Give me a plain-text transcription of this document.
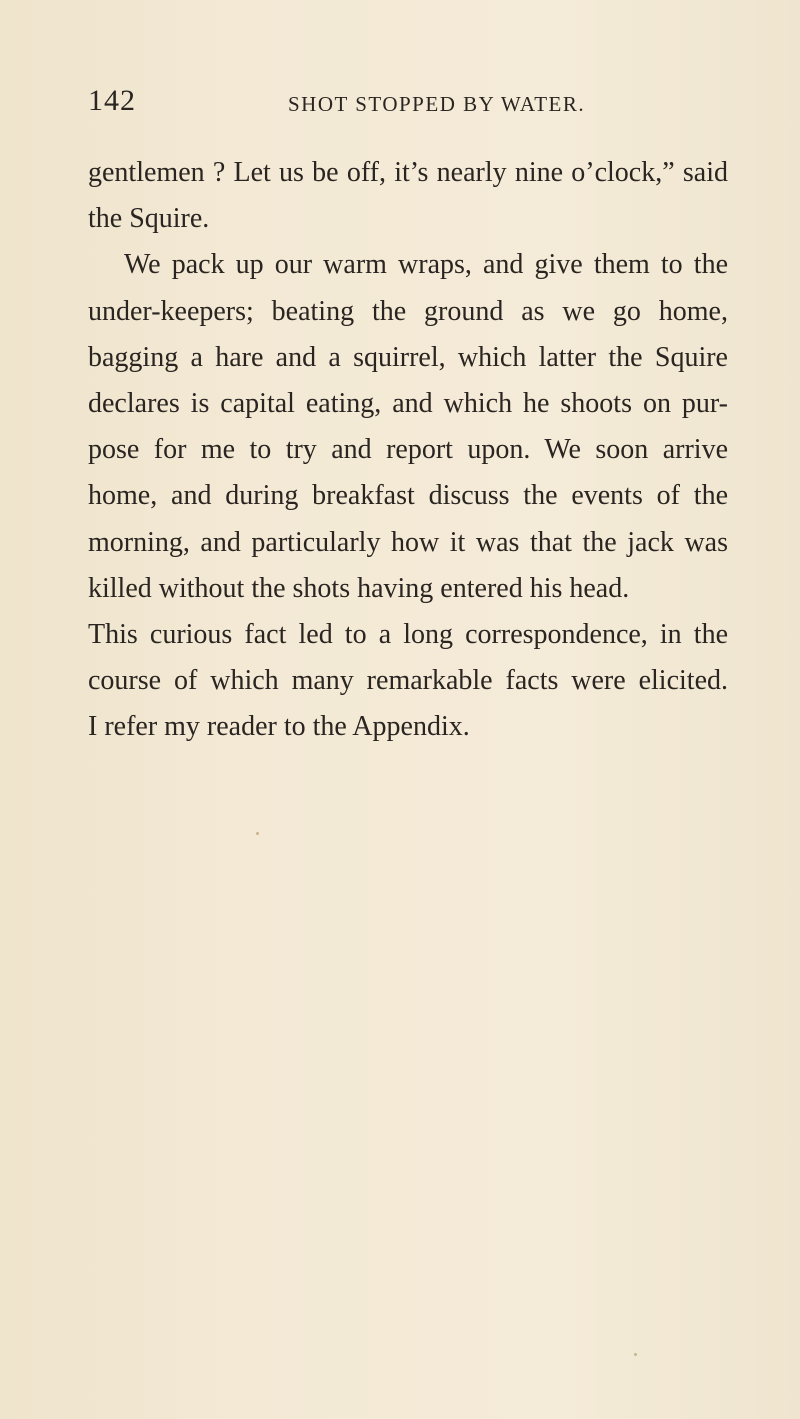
142	SHOT STOPPED BY WATER.
gentlemen ? Let us be off, it’s nearly nine o’clock,” said
the Squire.
We pack up our warm wraps, and give them to the
under-keepers; beating the ground as we go home,
bagging a hare and a squirrel, which latter the Squire
declares is capital eating, and which he shoots on pur-
pose for me to try and report upon. We soon arrive
home, and during breakfast discuss the events of the
morning, and particularly how it was that the jack was
killed without the shots having entered his head.
This curious fact led to a long correspondence, in the
course of which many remarkable facts were elicited.
I refer my reader to the Appendix.
